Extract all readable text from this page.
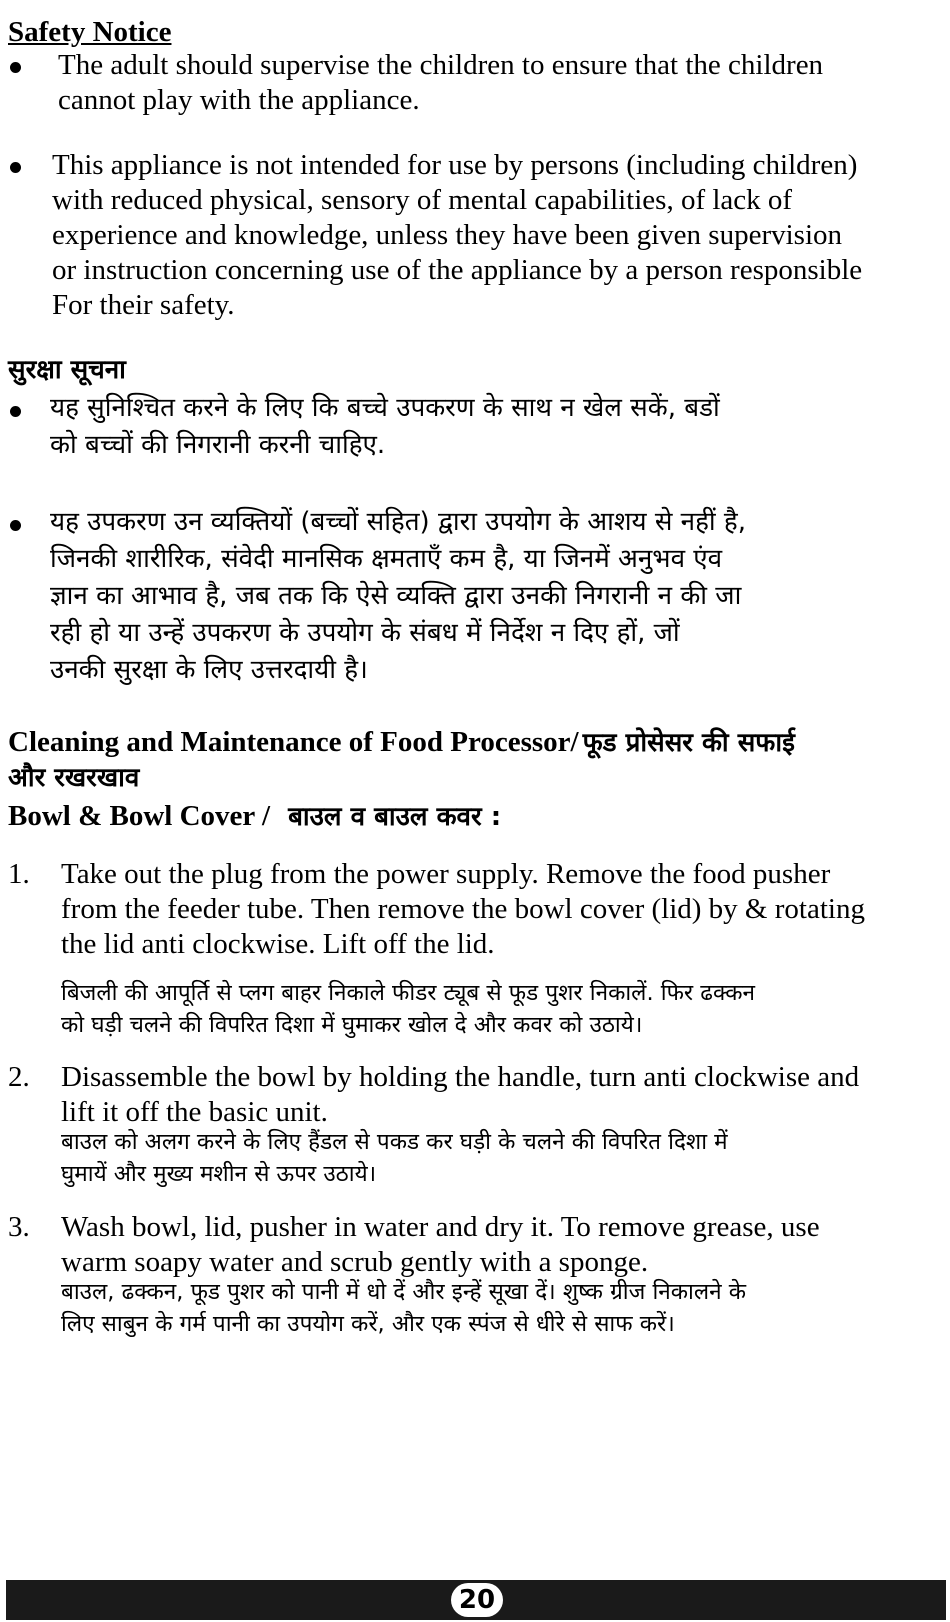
Safety Notice
The adult should supervise the children to ensure that the children
cannot play with the appliance.
This appliance is not intended for use by persons (including children)
with reduced physical, sensory of mental capabilities, of lack of
experience and knowledge, unless they have been given supervision
or instruction concerning use of the appliance by a person responsible
For their safety.
सुरक्षा सूचना
यह सुनिश्चित करने के लिए कि बच्चे उपकरण के साथ न खेल सकें, बडों
को बच्चों की निगरानी करनी चाहिए.
यह उपकरण उन व्यक्तियों (बच्चों सहित) द्वारा उपयोग के आशय से नहीं है,
जिनकी शारीरिक, संवेदी मानसिक क्षमताएँ कम है, या जिनमें अनुभव एंव
ज्ञान का आभाव है, जब तक कि ऐसे व्यक्ति द्वारा उनकी निगरानी न की जा
रही हो या उन्हें उपकरण के उपयोग के संबध में निर्देश न दिए हों, जों
उनकी सुरक्षा के लिए उत्तरदायी है।
Cleaning and Maintenance of Food Processor/ फूड प्रोसेसर की सफाई
और रखरखाव
Bowl & Bowl Cover / बाउल व बाउल कवर :
1. Take out the plug from the power supply. Remove the food pusher
from the feeder tube. Then remove the bowl cover (lid) by & rotating
the lid anti clockwise. Lift off the lid.
बिजली की आपूर्ति से प्लग बाहर निकाले फीडर ट्यूब से फूड पुशर निकालें. फिर ढक्कन
को घड़ी चलने की विपरित दिशा में घुमाकर खोल दे और कवर को उठाये।
2. Disassemble the bowl by holding the handle, turn anti clockwise and
lift it off the basic unit.
बाउल को अलग करने के लिए हैंडल से पकड कर घड़ी के चलने की विपरित दिशा में
घुमायें और मुख्य मशीन से ऊपर उठाये।
3. Wash bowl, lid, pusher in water and dry it. To remove grease, use
warm soapy water and scrub gently with a sponge.
बाउल, ढक्कन, फूड पुशर को पानी में धो दें और इन्हें सूखा दें। शुष्क ग्रीज निकालने के
लिए साबुन के गर्म पानी का उपयोग करें, और एक स्पंज से धीरे से साफ करें।
20
